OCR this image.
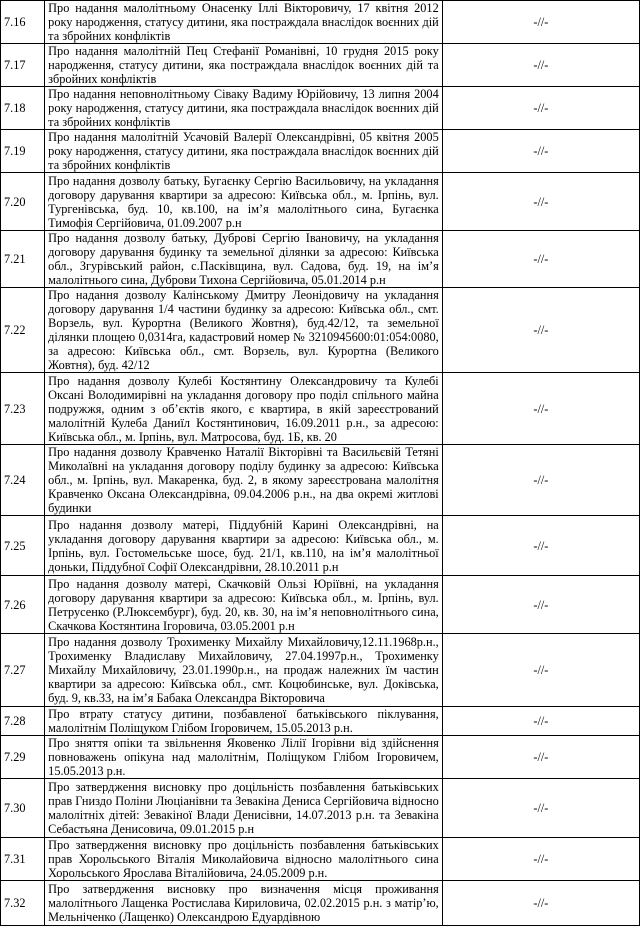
7.16	Про надання малолітньому Онасенку Іллі Вікторовичу, 17 квітня 2012 року народження, статусу дитини, яка постраждала внаслідок воєнних дій та збройних конфліктів	-//-
7.17	Про надання малолітній Пец Стефанії Романівні, 10 грудня 2015 року народження, статусу дитини, яка постраждала внаслідок воєнних дій та збройних конфліктів	-//-
7.18	Про надання неповнолітньому Сіваку Вадиму Юрійовичу, 13 липня 2004 року народження, статусу дитини, яка постраждала внаслідок воєнних дій та збройних конфліктів	-//-
7.19	Про надання малолітній Усачовій Валерії Олександрівні, 05 квітня 2005 року народження, статусу дитини, яка постраждала внаслідок воєнних дій та збройних конфліктів	-//-
7.20	Про надання дозволу батьку, Бугаєнку Сергію Васильовичу, на укладання договору дарування квартири за адресою: Київська обл., м. Ірпінь, вул. Тургенівська, буд. 10, кв.100, на ім’я малолітнього сина, Бугаєнка Тимофія Сергійовича, 01.09.2007 р.н	-//-
7.21	Про надання дозволу батьку, Дуброві Сергію Івановичу, на укладання договору дарування будинку та земельної ділянки за адресою: Київська обл., Згурівський район, с.Пасківщина, вул. Садова, буд. 19, на ім’я малолітнього сина, Дуброви Тихона Сергійовича, 05.01.2014 р.н	-//-
7.22	Про надання дозволу Калінському Дмитру Леонідовичу на укладання договору дарування 1/4 частини будинку за адресою: Київська обл., смт. Ворзель, вул. Курортна (Великого Жовтня), буд.42/12, та земельної ділянки площею 0,0314га, кадастровий номер № 3210945600:01:054:0080, за адресою: Київська обл., смт. Ворзель, вул. Курортна (Великого Жовтня), буд. 42/12	-//-
7.23	Про надання дозволу Кулебі Костянтину Олександровичу та Кулебі Оксані Володимирівні на укладання договору про поділ спільного майна подружжя, одним з об’єктів якого, є квартира, в якій зареєстрований малолітній Кулеба Даниїл Костянтинович, 16.09.2011 р.н., за адресою: Київська обл., м. Ірпінь, вул. Матросова, буд. 1Б, кв. 20	-//-
7.24	Про надання дозволу Кравченко Наталії Вікторівні та Васильєвій Тетяні Миколаївні на укладання договору поділу будинку за адресою: Київська обл., м. Ірпінь, вул. Макаренка, буд. 2, в якому зареєстрована малолітня Кравченко Оксана Олександрівна, 09.04.2006 р.н., на два окремі житлові будинки	-//-
7.25	Про надання дозволу матері, Піддубній Карині Олександрівні, на укладання договору дарування квартири за адресою: Київська обл., м. Ірпінь, вул. Гостомельське шосе, буд. 21/1, кв.110, на ім’я малолітньої доньки, Піддубної Софії Олександрівни, 28.10.2011 р.н	-//-
7.26	Про надання дозволу матері, Скачковій Ользі Юріївні, на укладання договору дарування квартири за адресою: Київська обл., м. Ірпінь, вул. Петрусенко (Р.Люксембург), буд. 20, кв. 30, на ім’я неповнолітнього сина, Скачкова Костянтина Ігоровича, 03.05.2001 р.н	-//-
7.27	Про надання дозволу Трохименку Михайлу Михайловичу,12.11.1968р.н., Трохименку Владиславу Михайловичу, 27.04.1997р.н., Трохименку Михайлу Михайловичу, 23.01.1990р.н., на продаж належних їм частин квартири за адресою: Київська обл., смт. Коцюбинське, вул. Доківська, буд. 9, кв.33, на ім’я Бабака Олександра Вікторовича	-//-
7.28	Про втрату статусу дитини, позбавленої батьківського піклування, малолітнім Поліщуком Глібом Ігоровичем, 15.05.2013 р.н.	-//-
7.29	Про зняття опіки та звільнення Яковенко Лілії Ігорівни від здійснення повноважень опікуна над малолітнім, Поліщуком Глібом Ігоровичем, 15.05.2013 р.н.	-//-
7.30	Про затвердження висновку про доцільність позбавлення батьківських прав Гниздо Поліни Люціанівни та Зевакіна Дениса Сергійовича відносно малолітніх дітей: Зевакіної Влади Денисівни, 14.07.2013 р.н. та Зевакіна Себастьяна Денисовича, 09.01.2015 р.н	-//-
7.31	Про затвердження висновку про доцільність позбавлення батьківських прав Хорольського Віталія Миколайовича відносно малолітнього сина Хорольського Ярослава Віталійовича, 24.05.2009 р.н.	-//-
7.32	Про затвердження висновку про визначення місця проживання малолітнього Лащенка Ростислава Кириловича, 02.02.2015 р.н. з матір’ю, Мельніченко (Лащенко) Олександрою Едуардівною	-//-
